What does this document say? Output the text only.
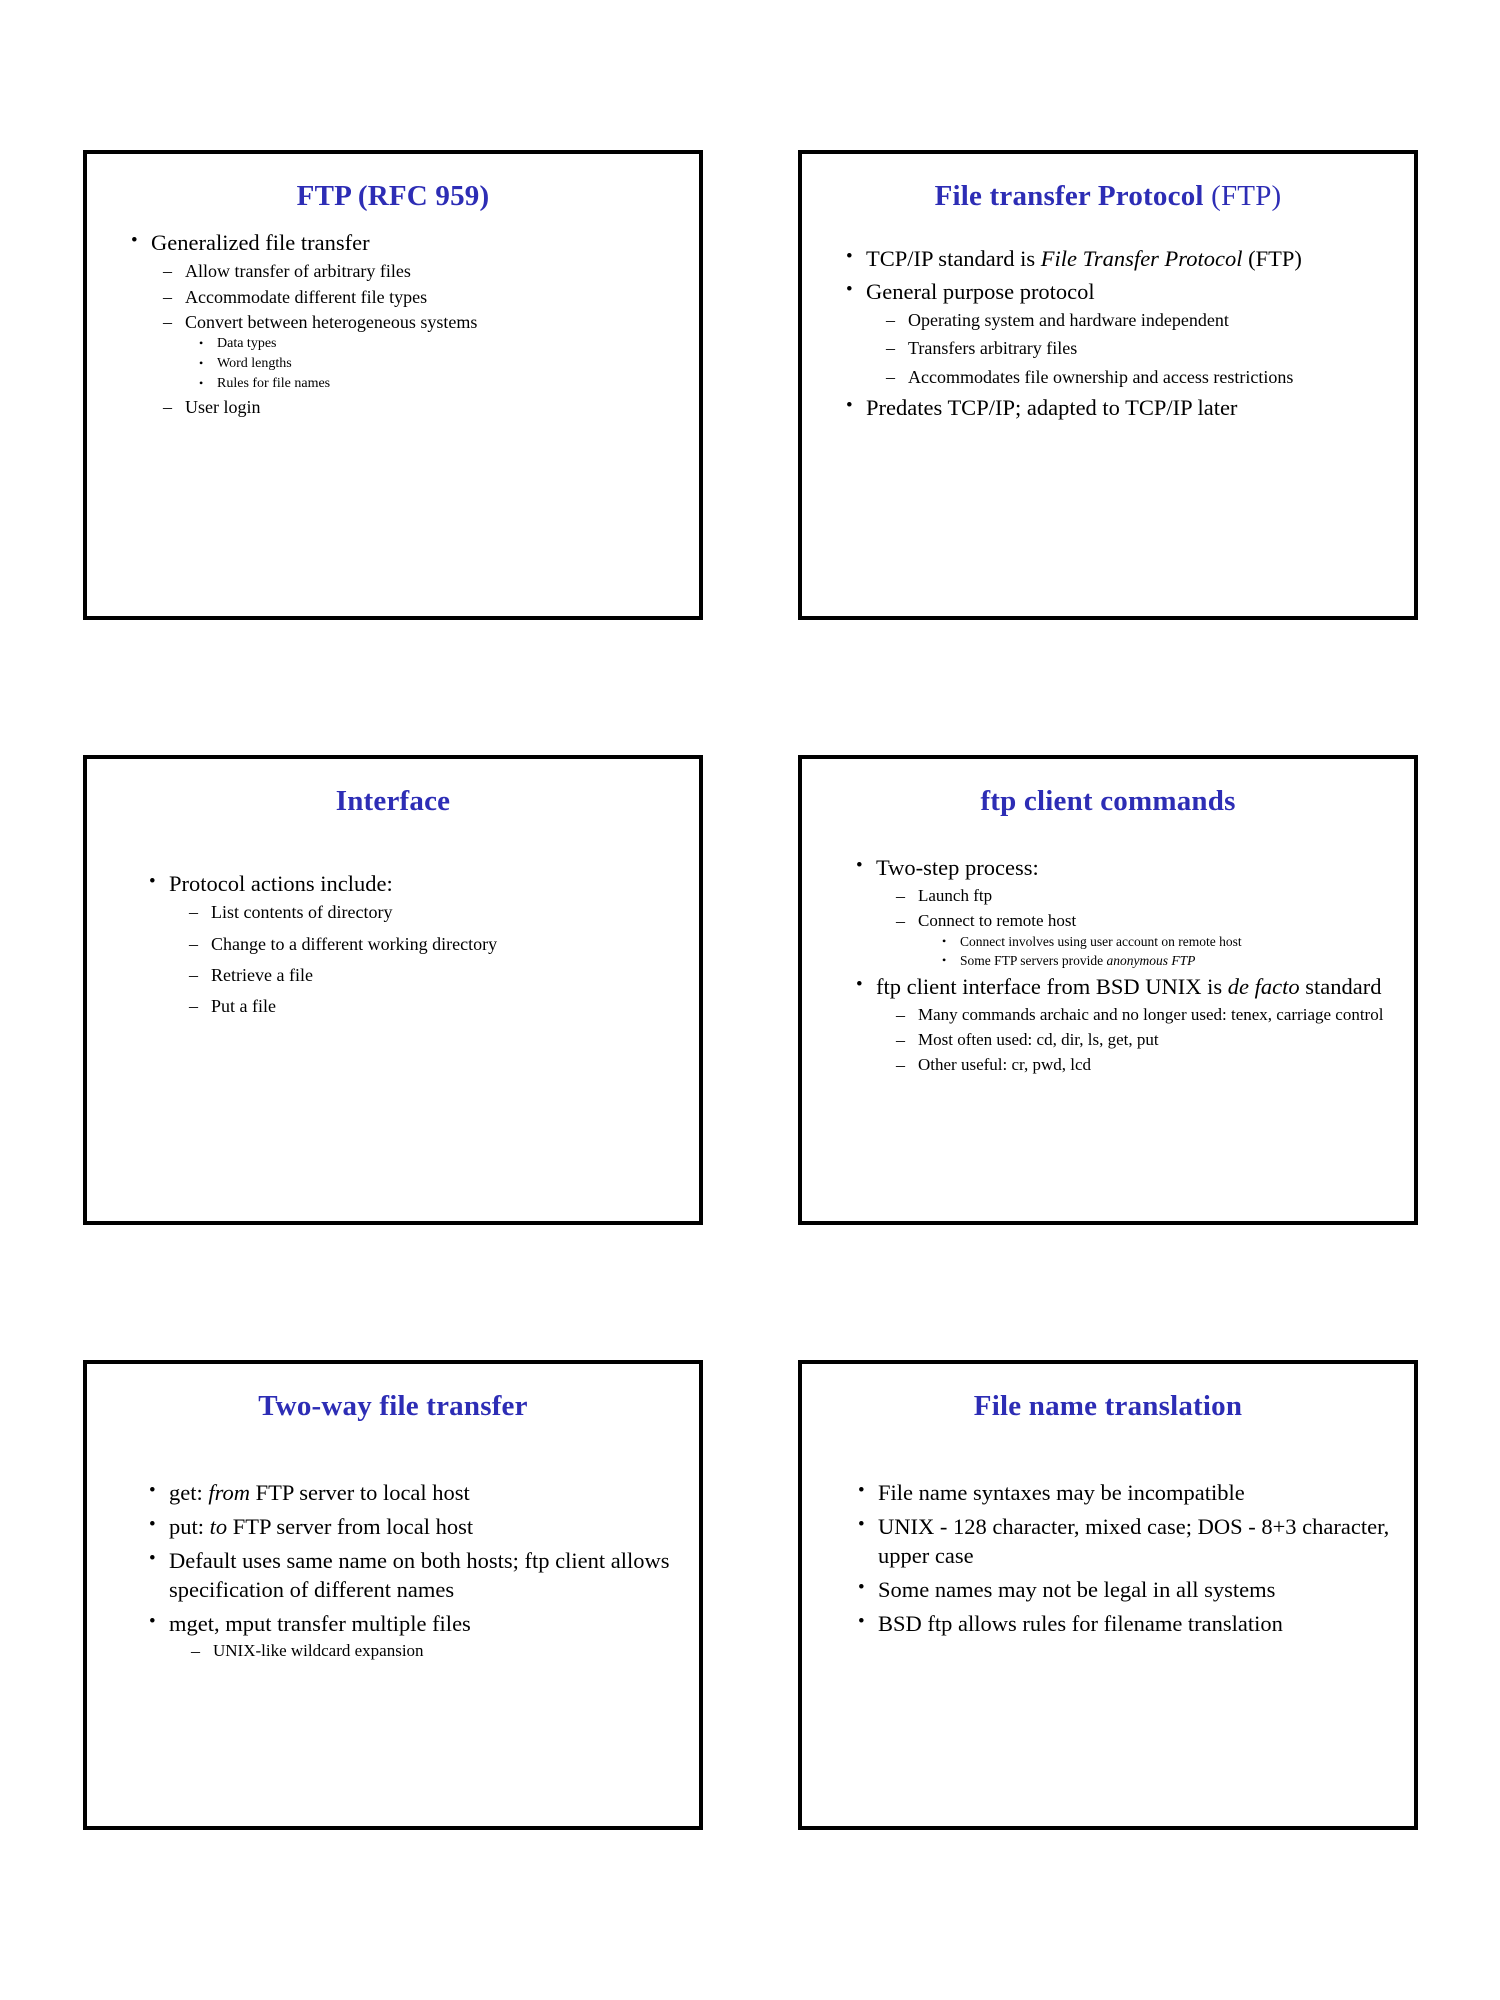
FTP (RFC 959)
• Generalized file transfer
– Allow transfer of arbitrary files
– Accommodate different file types
– Convert between heterogeneous systems
• Data types
• Word lengths
• Rules for file names
– User login
File transfer Protocol (FTP)
• TCP/IP standard is File Transfer Protocol (FTP)
• General purpose protocol
– Operating system and hardware independent
– Transfers arbitrary files
– Accommodates file ownership and access restrictions
• Predates TCP/IP; adapted to TCP/IP later
Interface
• Protocol actions include:
– List contents of directory
– Change to a different working directory
– Retrieve a file
– Put a file
ftp client commands
• Two-step process:
– Launch ftp
– Connect to remote host
• Connect involves using user account on remote host
• Some FTP servers provide anonymous FTP
• ftp client interface from BSD UNIX is de facto standard
– Many commands archaic and no longer used: tenex, carriage control
– Most often used: cd, dir, ls, get, put
– Other useful: cr, pwd, lcd
Two-way file transfer
• get: from FTP server to local host
• put: to FTP server from local host
• Default uses same name on both hosts; ftp client allows specification of different names
• mget, mput transfer multiple files
– UNIX-like wildcard expansion
File name translation
• File name syntaxes may be incompatible
• UNIX - 128 character, mixed case; DOS - 8+3 character, upper case
• Some names may not be legal in all systems
• BSD ftp allows rules for filename translation
